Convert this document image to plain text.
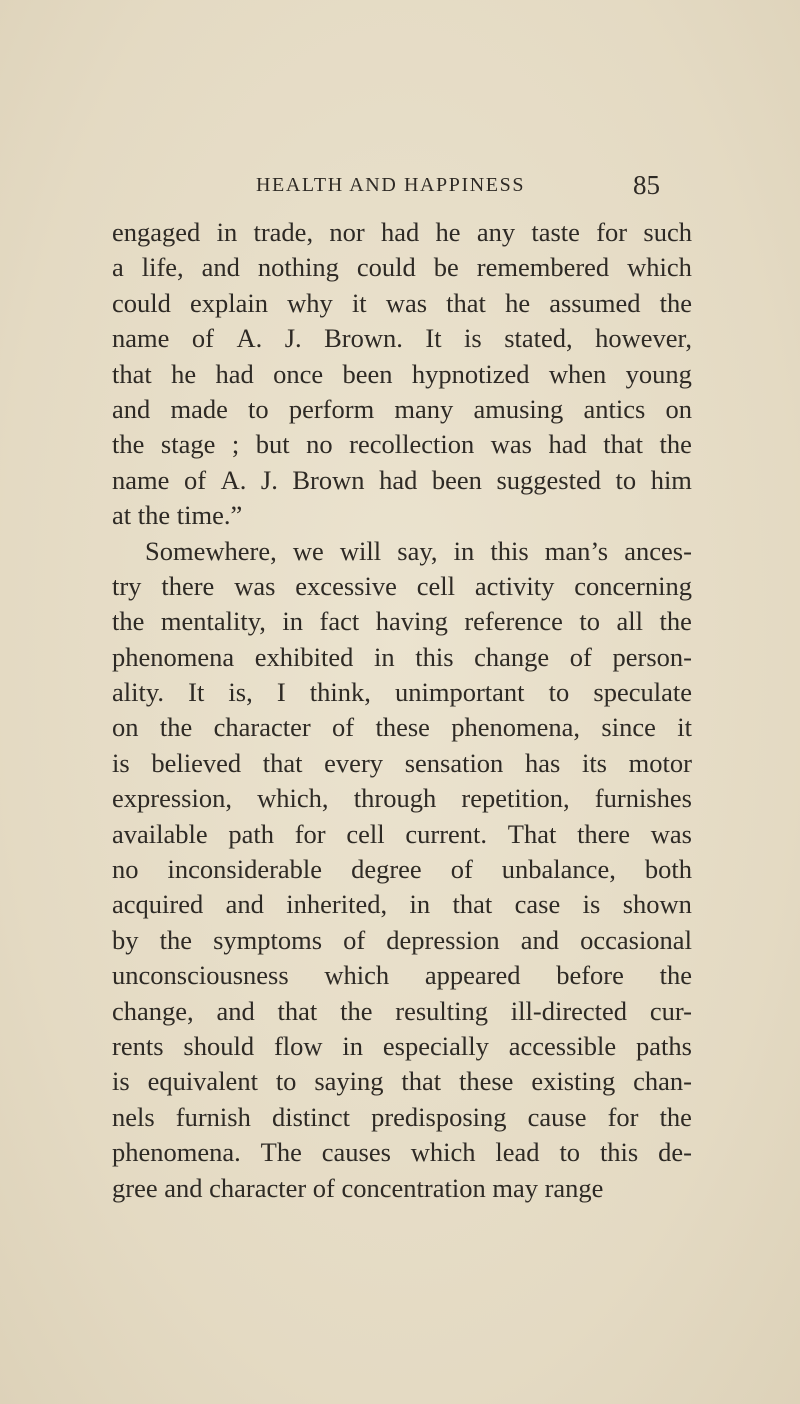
HEALTH AND HAPPINESS	85
engaged in trade, nor had he any taste for such
a life, and nothing could be remembered which
could explain why it was that he assumed the
name of A. J. Brown. It is stated, however,
that he had once been hypnotized when young
and made to perform many amusing antics on
the stage ; but no recollection was had that the
name of A. J. Brown had been suggested to him
at the time.”
Somewhere, we will say, in this man’s ances-
try there was excessive cell activity concerning
the mentality, in fact having reference to all the
phenomena exhibited in this change of person-
ality. It is, I think, unimportant to speculate
on the character of these phenomena, since it
is believed that every sensation has its motor
expression, which, through repetition, furnishes
available path for cell current. That there was
no inconsiderable degree of unbalance, both
acquired and inherited, in that case is shown
by the symptoms of depression and occasional
unconsciousness which appeared before the
change, and that the resulting ill-directed cur-
rents should flow in especially accessible paths
is equivalent to saying that these existing chan-
nels furnish distinct predisposing cause for the
phenomena. The causes which lead to this de-
gree and character of concentration may range
